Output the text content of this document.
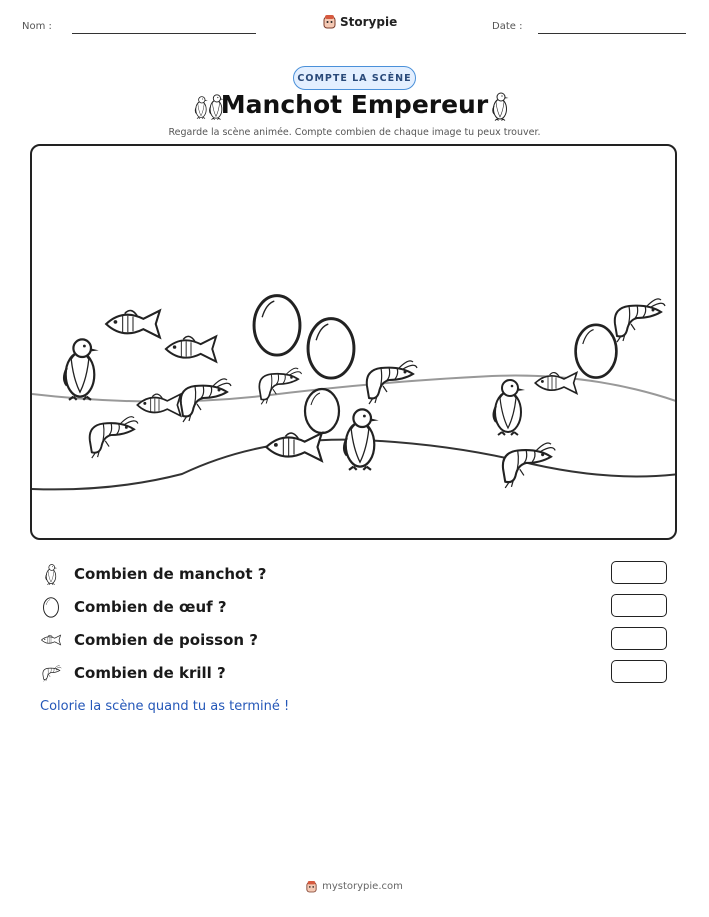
Nom :	Storypie	Date :
COMPTE LA SCÈNE
Manchot Empereur
Regarde la scène animée. Compte combien de chaque image tu peux trouver.
Combien de manchot ?
Combien de œuf ?
Combien de poisson ?
Combien de krill ?
Colorie la scène quand tu as terminé !
mystorypie.com
